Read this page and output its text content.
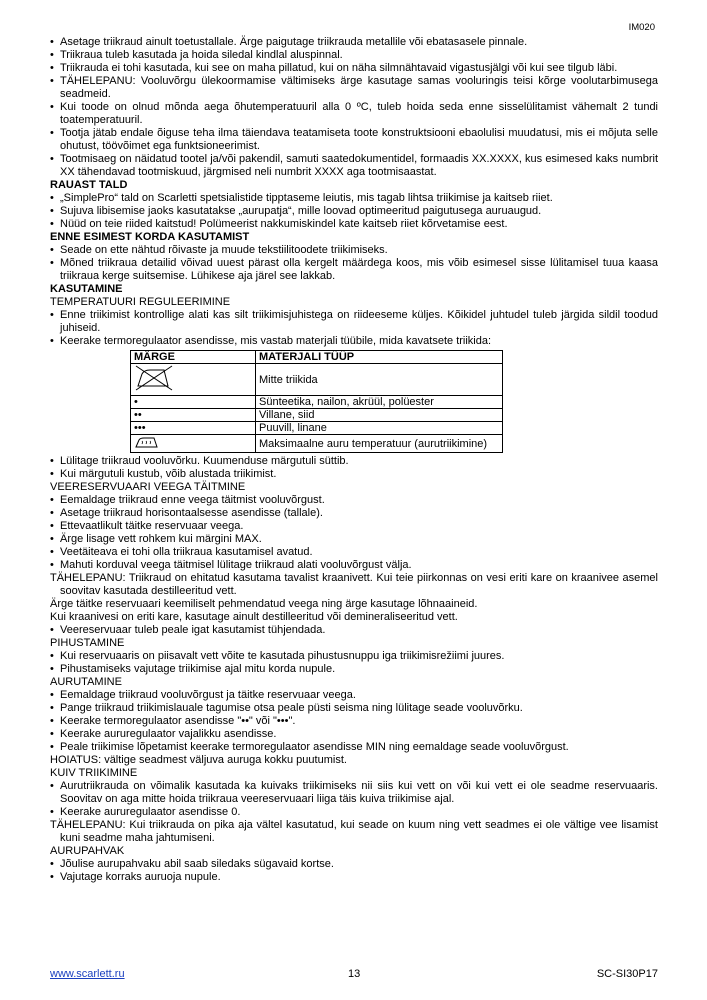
IM020
• Asetage triikraud ainult toetustallale. Ärge paigutage triikrauda metallile või ebatasasele pinnale.
• Triikraua tuleb kasutada ja hoida siledal kindlal aluspinnal.
• Triikrauda ei tohi kasutada, kui see on maha pillatud, kui on näha silmnähtavaid vigastusjälgi või kui see tilgub läbi.
• TÄHELEPANU: Vooluvõrgu ülekoormamise vältimiseks ärge kasutage samas vooluringis teisi kõrge voolutarbimusega seadmeid.
• Kui toode on olnud mõnda aega õhutemperatuuril alla 0 ºC, tuleb hoida seda enne sisselülitamist vähemalt 2 tundi toatemperatuuril.
• Tootja jätab endale õiguse teha ilma täiendava teatamiseta toote konstruktsiooni ebaolulisi muudatusi, mis ei mõjuta selle ohutust, töövõimet ega funktsioneerimist.
• Tootmisaeg on näidatud tootel ja/või pakendil, samuti saatedokumentidel, formaadis XX.XXXX, kus esimesed kaks numbrit XX tähendavad tootmiskuud, järgmised neli numbrit XXXX aga tootmisaastat.
RAUAST TALD
• „SimplePro“ tald on Scarletti spetsialistide tipptaseme leiutis, mis tagab lihtsa triikimise ja kaitseb riiet.
• Sujuva libisemise jaoks kasutatakse „aurupatja“, mille loovad optimeeritud paigutusega auruaugud.
• Nüüd on teie riided kaitstud! Polümeerist nakkumiskindel kate kaitseb riiet kõrvetamise eest.
ENNE ESIMEST KORDA KASUTAMIST
• Seade on ette nähtud rõivaste ja muude tekstiilitoodete triikimiseks.
• Mõned triikraua detailid võivad uuest pärast olla kergelt määrdega koos, mis võib esimesel sisse lülitamisel tuua kaasa triikraua kerge suitsemise. Lühikese aja järel see lakkab.
KASUTAMINE
TEMPERATUURI REGULEERIMINE
• Enne triikimist kontrollige alati kas silt triikimisjuhistega on riideeseme küljes. Kõikidel juhtudel tuleb järgida sildil toodud juhiseid.
• Keerake termoregulaator asendisse, mis vastab materjali tüübile, mida kavatsete triikida:
MÄRGE	MATERJALI TÜÜP
	Mitte triikida
•	Sünteetika, nailon, akrüül, polüester
••	Villane, siid
•••	Puuvill, linane
	Maksimaalne auru temperatuur (aurutriikimine)
• Lülitage triikraud vooluvõrku. Kuumenduse märgutuli süttib.
• Kui märgutuli kustub, võib alustada triikimist.
VEERESERVUAARI VEEGA TÄITMINE
• Eemaldage triikraud enne veega täitmist vooluvõrgust.
• Asetage triikraud horisontaalsesse asendisse (tallale).
• Ettevaatlikult täitke reservuaar veega.
• Ärge lisage vett rohkem kui märgini MAX.
• Veetäiteava ei tohi olla triikraua kasutamisel avatud.
• Mahuti korduval veega täitmisel lülitage triikraud alati vooluvõrgust välja.
TÄHELEPANU: Triikraud on ehitatud kasutama tavalist kraanivett. Kui teie piirkonnas on vesi eriti kare on kraanivee asemel soovitav kasutada destilleeritud vett.
Ärge täitke reservuaari keemiliselt pehmendatud veega ning ärge kasutage lõhnaaineid.
Kui kraanivesi on eriti kare, kasutage ainult destilleeritud või demineraliseeritud vett.
• Veereservuaar tuleb peale igat kasutamist tühjendada.
PIHUSTAMINE
• Kui reservuaaris on piisavalt vett võite te kasutada pihustusnuppu iga triikimisrežiimi juures.
• Pihustamiseks vajutage triikimise ajal mitu korda nupule.
AURUTAMINE
• Eemaldage triikraud vooluvõrgust ja täitke reservuaar veega.
• Pange triikraud triikimislauale tagumise otsa peale püsti seisma ning lülitage seade vooluvõrku.
• Keerake termoregulaator asendisse "••" või "•••".
• Keerake aururegulaator vajalikku asendisse.
• Peale triikimise lõpetamist keerake termoregulaator asendisse MIN ning eemaldage seade vooluvõrgust.
HOIATUS: vältige seadmest väljuva auruga kokku puutumist.
KUIV TRIIKIMINE
• Aurutriikrauda on võimalik kasutada ka kuivaks triikimiseks nii siis kui vett on või kui vett ei ole seadme reservuaaris. Soovitav on aga mitte hoida triikraua veereservuaari liiga täis kuiva triikimise ajal.
• Keerake aururegulaator asendisse 0.
TÄHELEPANU: Kui triikrauda on pika aja vältel kasutatud, kui seade on kuum ning vett seadmes ei ole vältige vee lisamist kuni seadme maha jahtumiseni.
AURUPAHVAK
• Jõulise aurupahvaku abil saab siledaks sügavaid kortse.
• Vajutage korraks auruoja nupule.
www.scarlett.ru	13	SC-SI30P17
